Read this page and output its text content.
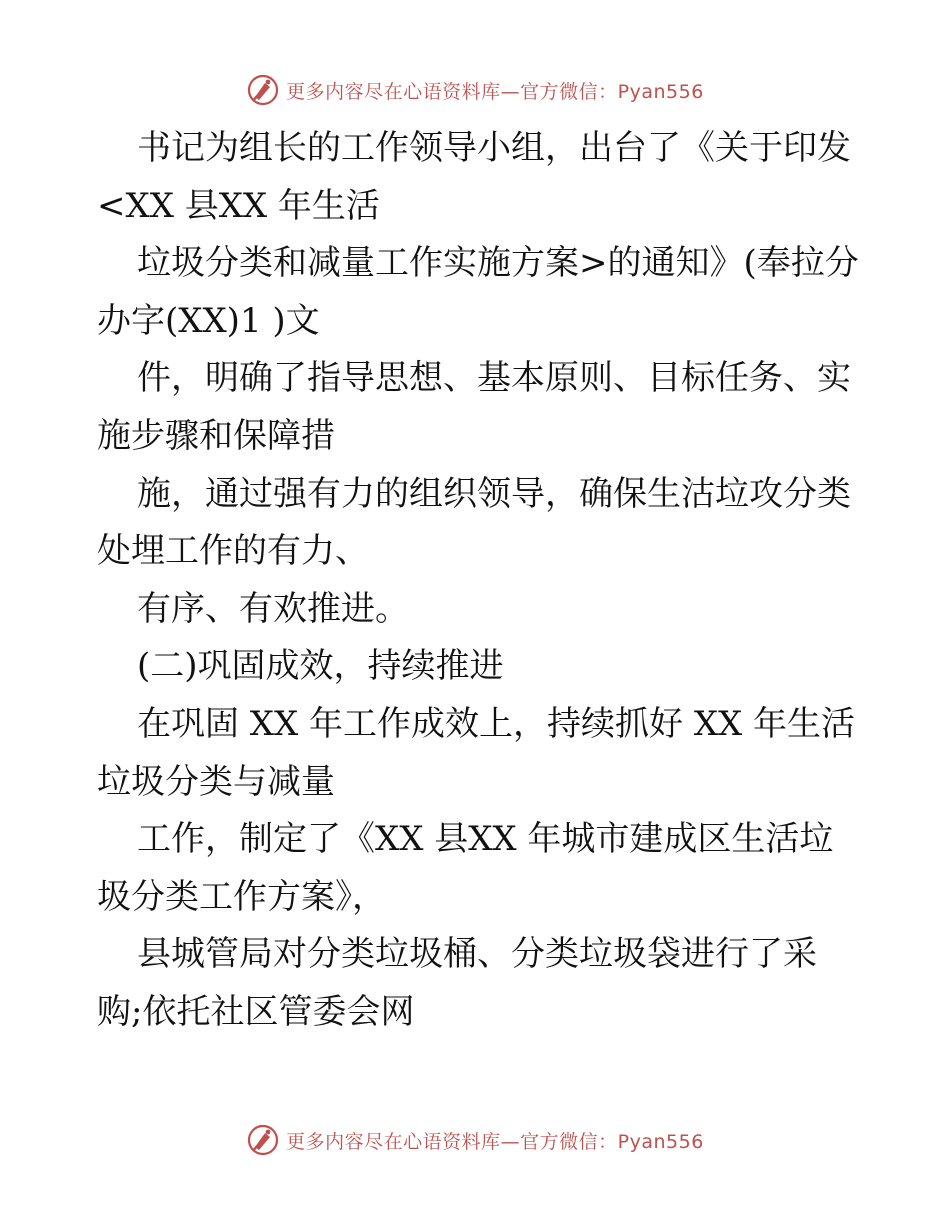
更多内容尽在心语资料库—官方微信：Pyan556
书记为组长的工作领导小组，出台了《关于印发
<XX 县XX 年生活
垃圾分类和减量工作实施方案>的通知》(奉拉分
办字(XX)1 )文
件，明确了指导思想、基本原则、目标任务、实
施步骤和保障措
施，通过强有力的组织领导，确保生沽垃攻分类
处埋工作的有力、
有序、有欢推进。
(二)巩固成效，持续推进
在巩固 XX 年工作成效上，持续抓好 XX 年生活
垃圾分类与减量
工作，制定了《XX 县XX 年城市建成区生活垃
圾分类工作方案》，
县城管局对分类垃圾桶、分类垃圾袋进行了采
购;依托社区管委会网
更多内容尽在心语资料库—官方微信：Pyan556
